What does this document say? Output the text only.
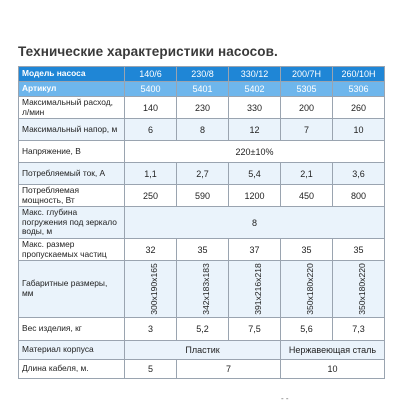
Технические характеристики насосов.
Модель насоса	140/6	230/8	330/12	200/7H	260/10H
Артикул	5400	5401	5402	5305	5306
Максимальный расход, л/мин	140	230	330	200	260
Максимальный напор, м	6	8	12	7	10
Напряжение, В	220±10%				
Потребляемый ток, А	1,1	2,7	5,4	2,1	3,6
Потребляемая мощность, Вт	250	590	1200	450	800
Макс. глубина погружения под зеркало воды, м	8				
Макс. размер пропускаемых частиц	32	35	37	35	35
Габаритные размеры, мм	300x190x165	342x183x183	391x216x218	350x180x220	350x180x220
Вес изделия, кг	3	5,2	7,5	5,6	7,3
Материал корпуса	Пластик			Нержавеющая сталь	
Длина кабеля, м.	5	7		10	
- -
